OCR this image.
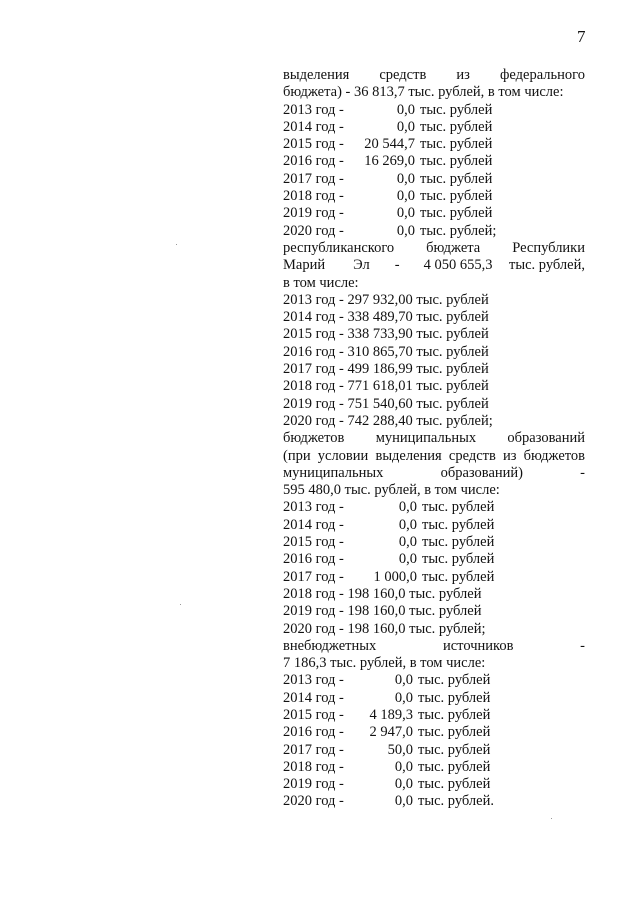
7
выделения средств из федерального
бюджета) - 36 813,7 тыс. рублей, в том числе:
2013 год -	0,0 тыс. рублей
2014 год -	0,0 тыс. рублей
2015 год -	20 544,7 тыс. рублей
2016 год -	16 269,0 тыс. рублей
2017 год -	0,0 тыс. рублей
2018 год -	0,0 тыс. рублей
2019 год -	0,0 тыс. рублей
2020 год -	0,0 тыс. рублей;
республиканского бюджета Республики
Марий Эл - 4 050 655,3 тыс. рублей,
в том числе:
2013 год - 297 932,00 тыс. рублей
2014 год - 338 489,70 тыс. рублей
2015 год - 338 733,90 тыс. рублей
2016 год - 310 865,70 тыс. рублей
2017 год - 499 186,99 тыс. рублей
2018 год - 771 618,01 тыс. рублей
2019 год - 751 540,60 тыс. рублей
2020 год - 742 288,40 тыс. рублей;
бюджетов муниципальных образований
(при условии выделения средств из бюджетов
муниципальных	образований)	-
595 480,0 тыс. рублей, в том числе:
2013 год -	0,0 тыс. рублей
2014 год -	0,0 тыс. рублей
2015 год -	0,0 тыс. рублей
2016 год -	0,0 тыс. рублей
2017 год -	1 000,0 тыс. рублей
2018 год - 198 160,0 тыс. рублей
2019 год - 198 160,0 тыс. рублей
2020 год - 198 160,0 тыс. рублей;
внебюджетных	источников	-
7 186,3 тыс. рублей, в том числе:
2013 год -	0,0 тыс. рублей
2014 год -	0,0 тыс. рублей
2015 год -	4 189,3 тыс. рублей
2016 год -	2 947,0 тыс. рублей
2017 год -	50,0 тыс. рублей
2018 год -	0,0 тыс. рублей
2019 год -	0,0 тыс. рублей
2020 год -	0,0 тыс. рублей.
